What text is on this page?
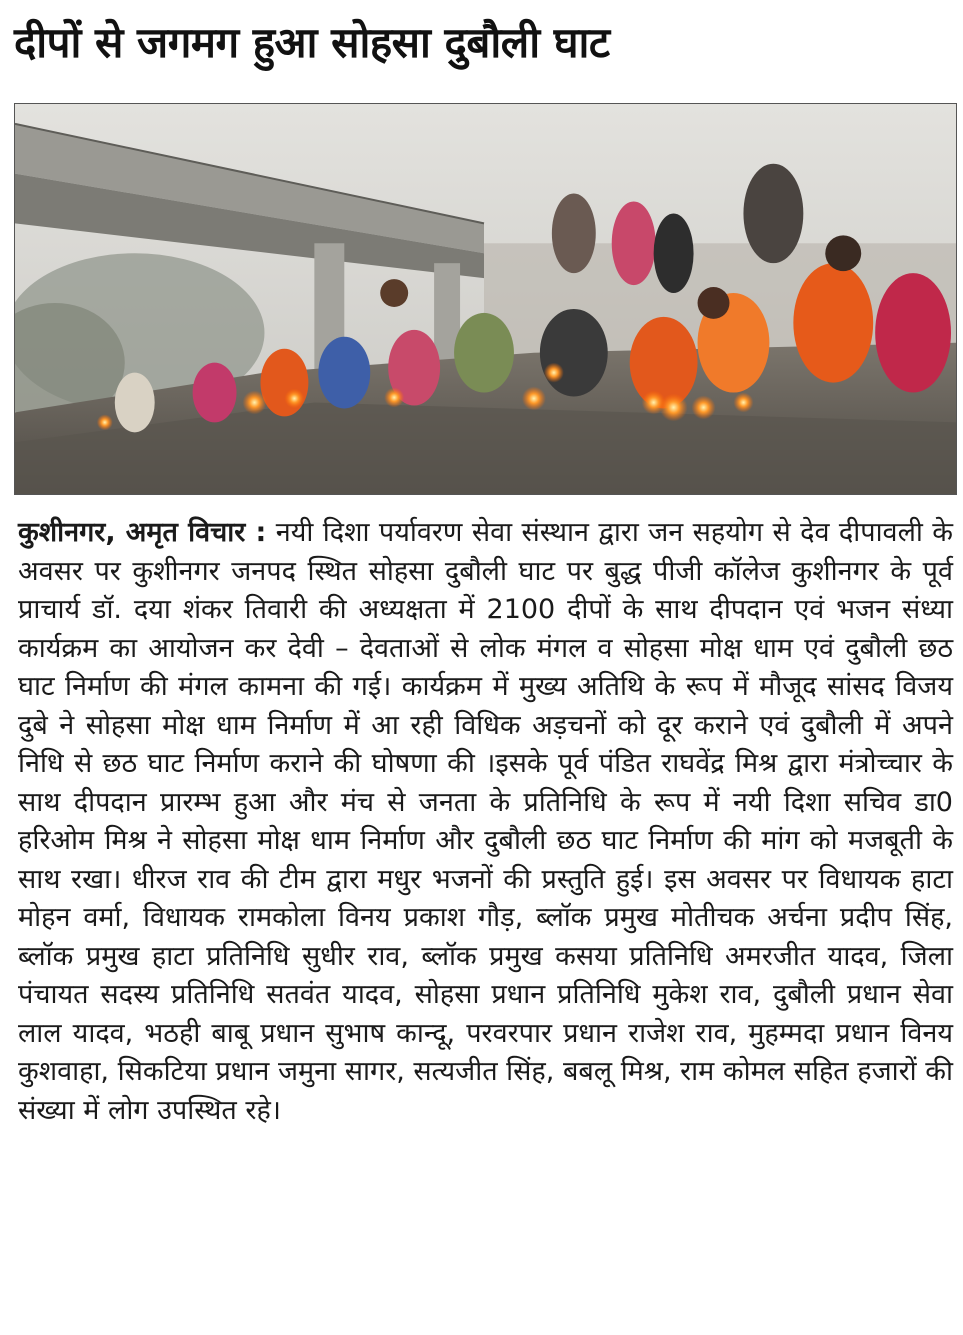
दीपों से जगमग हुआ सोहसा दुबौली घाट

कुशीनगर, अमृत विचार : नयी दिशा पर्यावरण सेवा संस्थान द्वारा जन सहयोग से देव दीपावली के अवसर पर कुशीनगर जनपद स्थित सोहसा दुबौली घाट पर बुद्ध पीजी कॉलेज कुशीनगर के पूर्व प्राचार्य डॉ. दया शंकर तिवारी की अध्यक्षता में 2100 दीपों के साथ दीपदान एवं भजन संध्या कार्यक्रम का आयोजन कर देवी – देवताओं से लोक मंगल व सोहसा मोक्ष धाम एवं दुबौली छठ घाट निर्माण की मंगल कामना की गई। कार्यक्रम में मुख्य अतिथि के रूप में मौजूद सांसद विजय दुबे ने सोहसा मोक्ष धाम निर्माण में आ रही विधिक अड़चनों को दूर कराने एवं दुबौली में अपने निधि से छठ घाट निर्माण कराने की घोषणा की ।इसके पूर्व पंडित राघवेंद्र मिश्र द्वारा मंत्रोच्चार के साथ दीपदान प्रारम्भ हुआ और मंच से जनता के प्रतिनिधि के रूप में नयी दिशा सचिव डा0 हरिओम मिश्र ने सोहसा मोक्ष धाम निर्माण और दुबौली छठ घाट निर्माण की मांग को मजबूती के साथ रखा। धीरज राव की टीम द्वारा मधुर भजनों की प्रस्तुति हुई। इस अवसर पर विधायक हाटा मोहन वर्मा, विधायक रामकोला विनय प्रकाश गौड़, ब्लॉक प्रमुख मोतीचक अर्चना प्रदीप सिंह, ब्लॉक प्रमुख हाटा प्रतिनिधि सुधीर राव, ब्लॉक प्रमुख कसया प्रतिनिधि अमरजीत यादव, जिला पंचायत सदस्य प्रतिनिधि सतवंत यादव, सोहसा प्रधान प्रतिनिधि मुकेश राव, दुबौली प्रधान सेवा लाल यादव, भठही बाबू प्रधान सुभाष कान्दू, परवरपार प्रधान राजेश राव, मुहम्मदा प्रधान विनय कुशवाहा, सिकटिया प्रधान जमुना सागर, सत्यजीत सिंह, बबलू मिश्र, राम कोमल सहित हजारों की संख्या में लोग उपस्थित रहे।
